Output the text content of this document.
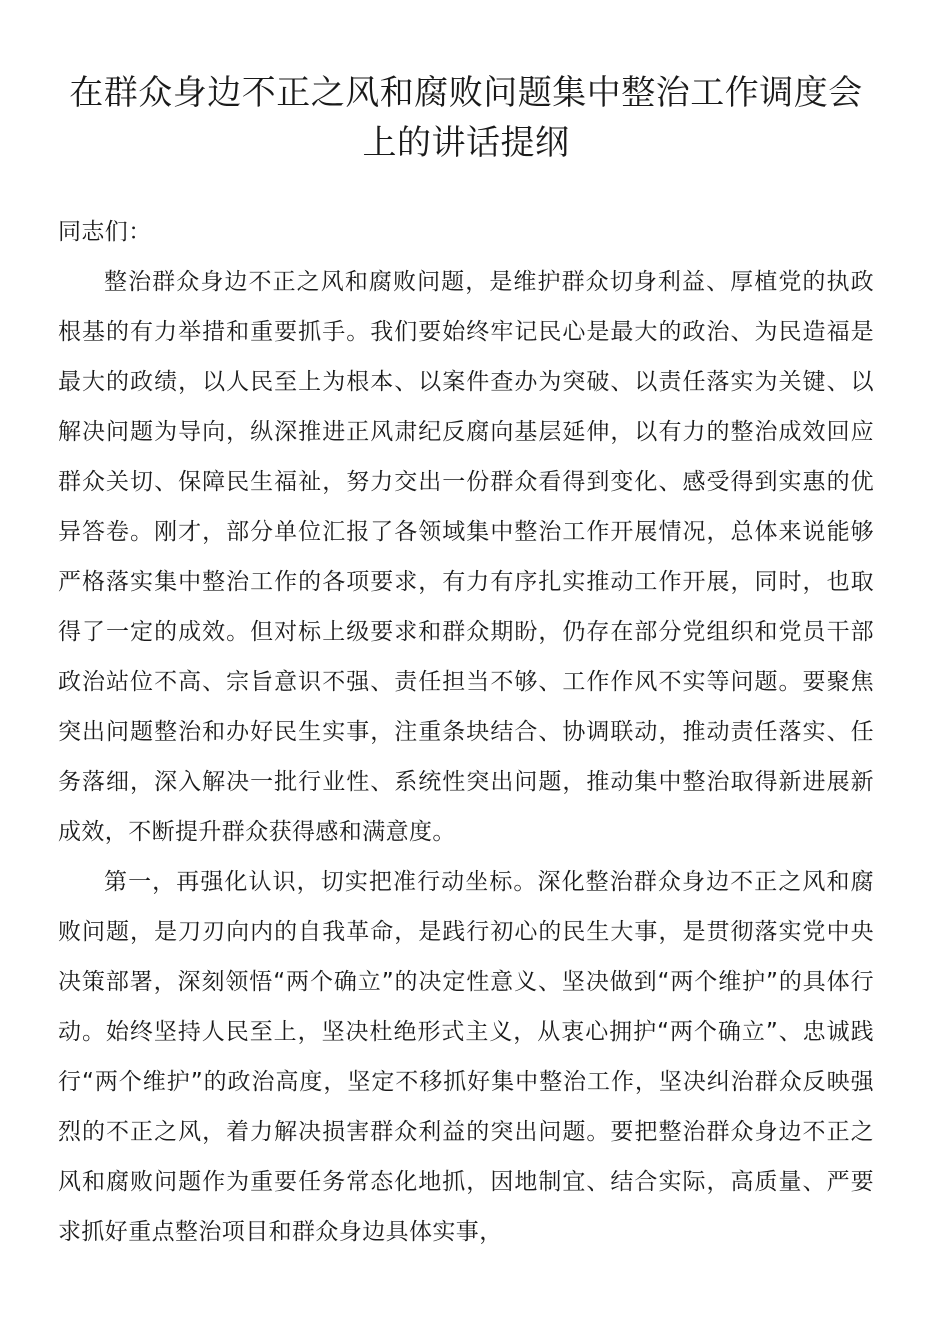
在群众身边不正之风和腐败问题集中整治工作调度会上的讲话提纲

同志们：

整治群众身边不正之风和腐败问题，是维护群众切身利益、厚植党的执政根基的有力举措和重要抓手。我们要始终牢记民心是最大的政治、为民造福是最大的政绩，以人民至上为根本、以案件查办为突破、以责任落实为关键、以解决问题为导向，纵深推进正风肃纪反腐向基层延伸，以有力的整治成效回应群众关切、保障民生福祉，努力交出一份群众看得到变化、感受得到实惠的优异答卷。刚才，部分单位汇报了各领域集中整治工作开展情况，总体来说能够严格落实集中整治工作的各项要求，有力有序扎实推动工作开展，同时，也取得了一定的成效。但对标上级要求和群众期盼，仍存在部分党组织和党员干部政治站位不高、宗旨意识不强、责任担当不够、工作作风不实等问题。要聚焦突出问题整治和办好民生实事，注重条块结合、协调联动，推动责任落实、任务落细，深入解决一批行业性、系统性突出问题，推动集中整治取得新进展新成效，不断提升群众获得感和满意度。

第一，再强化认识，切实把准行动坐标。深化整治群众身边不正之风和腐败问题，是刀刃向内的自我革命，是践行初心的民生大事，是贯彻落实党中央决策部署，深刻领悟“两个确立”的决定性意义、坚决做到“两个维护”的具体行动。始终坚持人民至上，坚决杜绝形式主义，从衷心拥护“两个确立”、忠诚践行“两个维护”的政治高度，坚定不移抓好集中整治工作，坚决纠治群众反映强烈的不正之风，着力解决损害群众利益的突出问题。要把整治群众身边不正之风和腐败问题作为重要任务常态化地抓，因地制宜、结合实际，高质量、严要求抓好重点整治项目和群众身边具体实事，
